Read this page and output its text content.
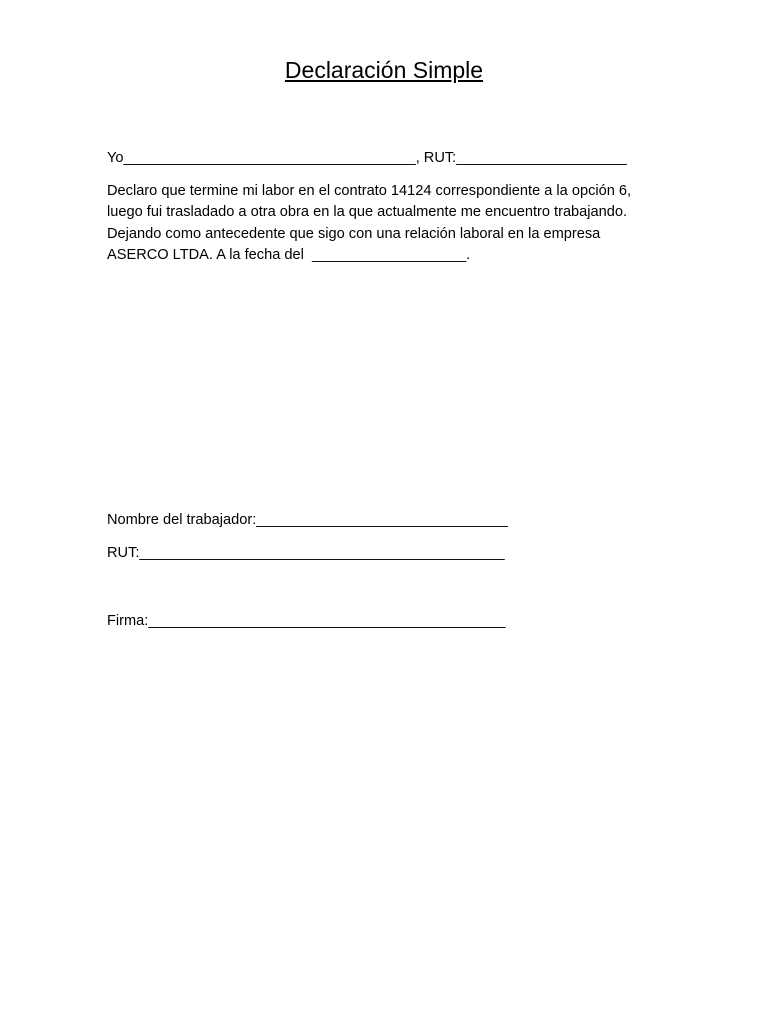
Declaración Simple
Yo____________________________________, RUT:_____________________
Declaro que termine mi labor en el contrato 14124 correspondiente a la opción 6,
luego fui trasladado a otra obra en la que actualmente me encuentro trabajando.
Dejando como antecedente que sigo con una relación laboral en la empresa
ASERCO LTDA. A la fecha del  ___________________.
Nombre del trabajador:_______________________________
RUT:_____________________________________________
Firma:____________________________________________
